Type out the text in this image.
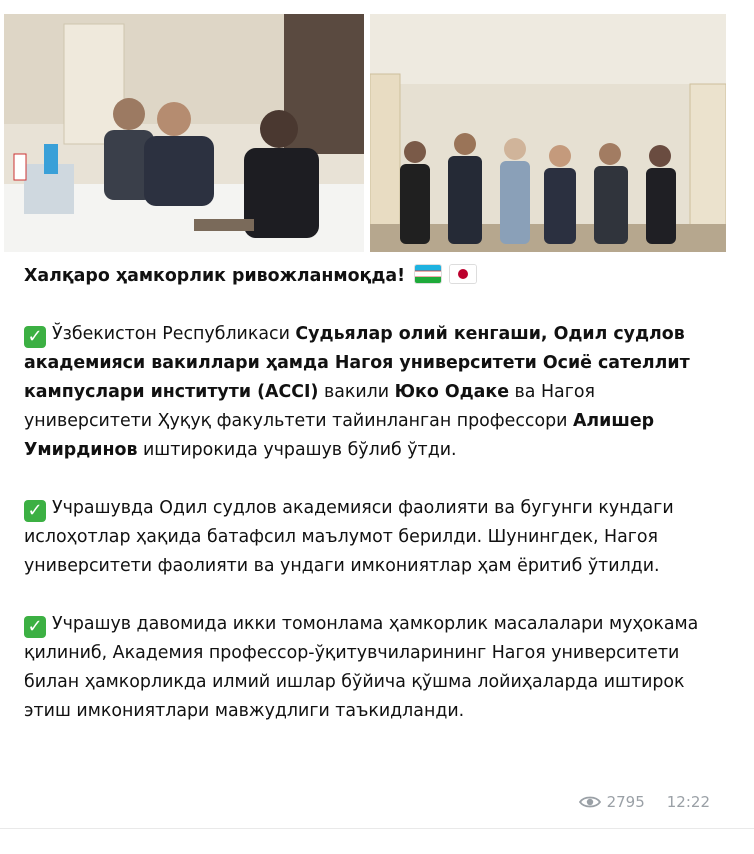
Халқаро ҳамкорлик ривожланмоқда!

✓ Ўзбекистон Республикаси Судьялар олий кенгаши, Одил судлов академияси вакиллари ҳамда Нагоя университети Осиё сателлит кампуслари институти (ACCI) вакили Юко Одаке ва Нагоя университети Ҳуқуқ факультети тайинланган профессори Алишер Умирдинов иштирокида учрашув бўлиб ўтди.

✓ Учрашувда Одил судлов академияси фаолияти ва бугунги кундаги ислоҳотлар ҳақида батафсил маълумот берилди. Шунингдек, Нагоя университети фаолияти ва ундаги имкониятлар ҳам ёритиб ўтилди.

✓ Учрашув давомида икки томонлама ҳамкорлик масалалари муҳокама қилиниб, Академия профессор-ўқитувчиларининг Нагоя университети билан ҳамкорликда илмий ишлар бўйича қўшма лойиҳаларда иштирок этиш имкониятлари мавжудлиги таъкидланди.

2795 12:22
